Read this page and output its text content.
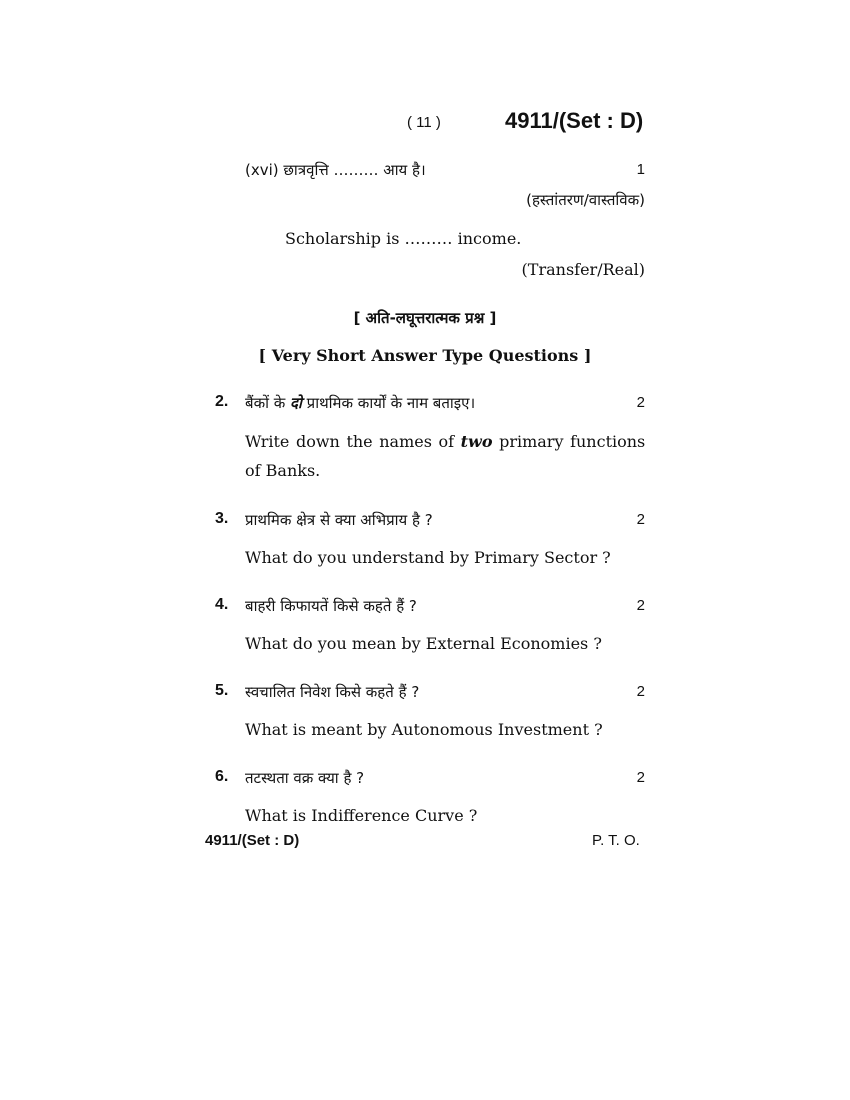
( 11 )	4911/(Set : D)
(xvi) छात्रवृत्ति ……… आय है।	1
(हस्तांतरण/वास्तविक)
Scholarship is ……… income.
(Transfer/Real)
[ अति-लघूत्तरात्मक प्रश्न ]
[ Very Short Answer Type Questions ]
2. बैंकों के दो प्राथमिक कार्यों के नाम बताइए।	2
Write down the names of two primary functions
of Banks.
3. प्राथमिक क्षेत्र से क्या अभिप्राय है ?	2
What do you understand by Primary Sector ?
4. बाहरी किफायतें किसे कहते हैं ?	2
What do you mean by External Economies ?
5. स्वचालित निवेश किसे कहते हैं ?	2
What is meant by Autonomous Investment ?
6. तटस्थता वक्र क्या है ?	2
What is Indifference Curve ?
4911/(Set : D)	P. T. O.
